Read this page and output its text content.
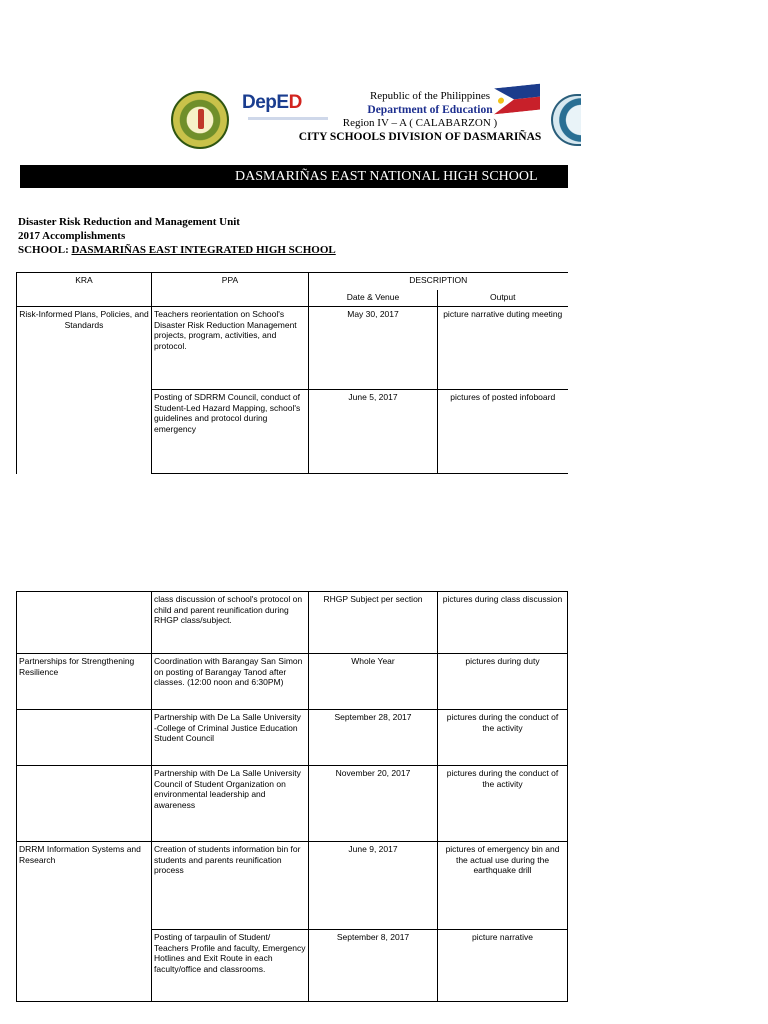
DepED	Republic of the Philippines
Department of Education
Region IV – A ( CALABARZON )
CITY SCHOOLS DIVISION OF DASMARIÑAS
DASMARIÑAS EAST NATIONAL HIGH SCHOOL
Disaster Risk Reduction and Management Unit
2017 Accomplishments
SCHOOL: DASMARIÑAS EAST INTEGRATED HIGH SCHOOL
KRA	PPA	DESCRIPTION	
		Date & Venue	Output
Risk-Informed Plans, Policies, and Standards	Teachers reorientation on School's Disaster Risk Reduction Management projects, program, activities, and protocol.	May 30, 2017	picture narrative duting meeting
	Posting of SDRRM Council, conduct of Student-Led Hazard Mapping, school's guidelines and protocol during emergency	June 5, 2017	pictures of posted infoboard
	class discussion of school's protocol on child and parent reunification during RHGP class/subject.	RHGP Subject per section	pictures during class discussion
Partnerships for Strengthening Resilience	Coordination with Barangay San Simon on posting of Barangay Tanod after classes. (12:00 noon and 6:30PM)	Whole Year	pictures during duty
	Partnership with De La Salle University -College of Criminal Justice Education Student Council	September 28, 2017	pictures during the conduct of the activity
	Partnership with De La Salle University Council of Student Organization on environmental leadership and awareness	November 20, 2017	pictures during the conduct of the activity
DRRM Information Systems and Research	Creation of students information bin for students and parents reunification process	June 9, 2017	pictures of emergency bin and the actual use during the earthquake drill
	Posting of tarpaulin of Student/ Teachers Profile and faculty, Emergency Hotlines and Exit Route in each faculty/office and classrooms.	September 8, 2017	picture narrative
